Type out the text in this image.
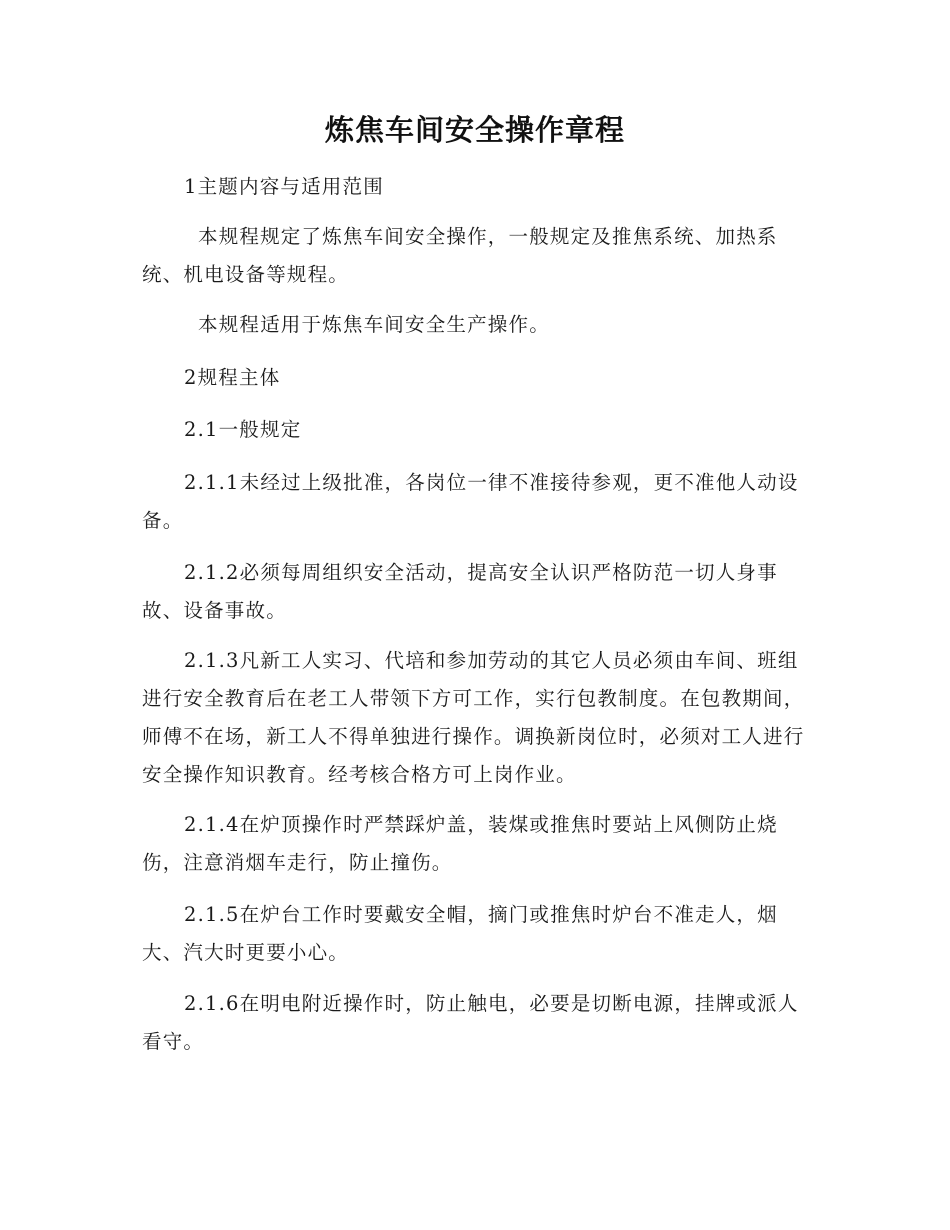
炼焦车间安全操作章程

1主题内容与适用范围

本规程规定了炼焦车间安全操作，一般规定及推焦系统、加热系统、机电设备等规程。

本规程适用于炼焦车间安全生产操作。

2规程主体

2.1一般规定

2.1.1未经过上级批准，各岗位一律不准接待参观，更不准他人动设备。

2.1.2必须每周组织安全活动，提高安全认识严格防范一切人身事故、设备事故。

2.1.3凡新工人实习、代培和参加劳动的其它人员必须由车间、班组进行安全教育后在老工人带领下方可工作，实行包教制度。在包教期间，师傅不在场，新工人不得单独进行操作。调换新岗位时，必须对工人进行安全操作知识教育。经考核合格方可上岗作业。

2.1.4在炉顶操作时严禁踩炉盖，装煤或推焦时要站上风侧防止烧伤，注意消烟车走行，防止撞伤。

2.1.5在炉台工作时要戴安全帽，摘门或推焦时炉台不准走人，烟大、汽大时更要小心。

2.1.6在明电附近操作时，防止触电，必要是切断电源，挂牌或派人看守。
